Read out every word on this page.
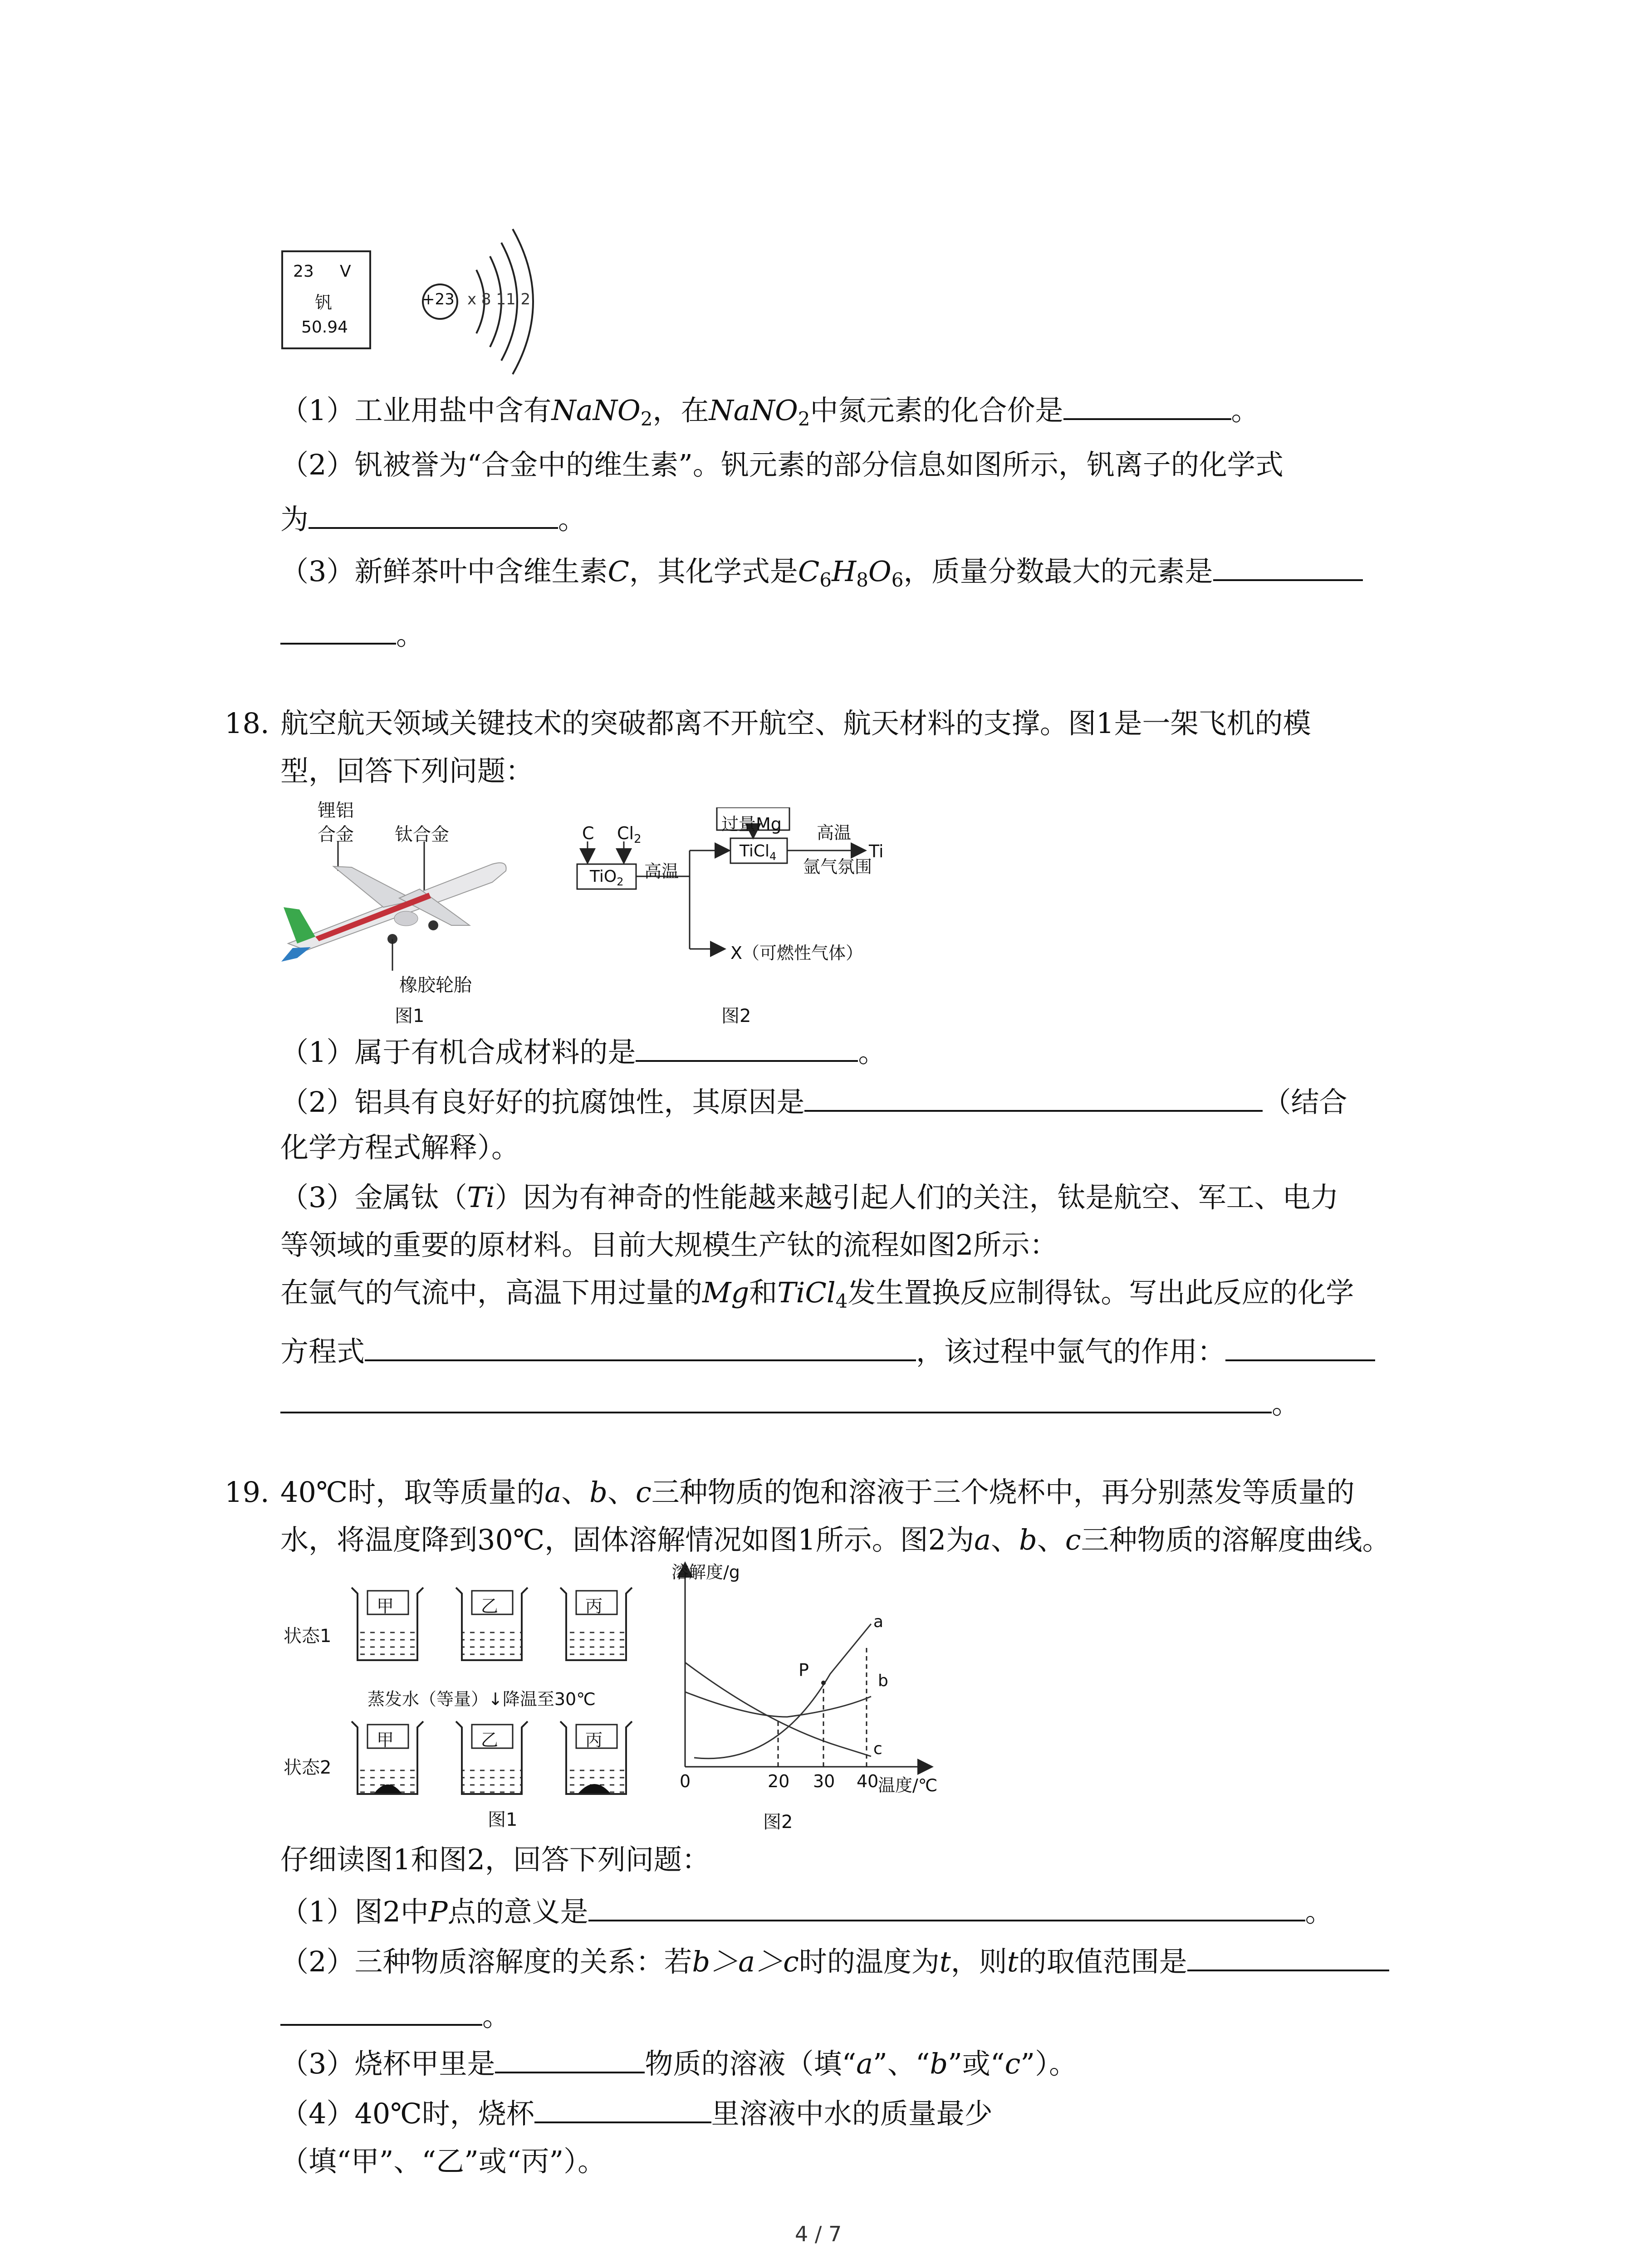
23 V
钒
50.94
+23 x 8 11 2
（1）工业用盐中含有NaNO$_2$，在NaNO$_2$中氮元素的化合价是	。
（2）钒被誉为“合金中的维生素”。钒元素的部分信息如图所示，钒离子的化学式
为	。
（3）新鲜茶叶中含维生素C，其化学式是$C_6H_8O_6$，质量分数最大的元素是
。
18. 航空航天领域关键技术的突破都离不开航空、航天材料的支撑。图1是一架飞机的模
型，回答下列问题：
锂铝
合金 钛合金
橡胶轮胎
图1
C $Cl_2$
TiO$_2$
高温
过量Mg
TiCl$_4$
高温
氩气氛围
Ti
X（可燃性气体）
图2
（1）属于有机合成材料的是	。
（2）铝具有良好好的抗腐蚀性，其原因是	（结合
化学方程式解释）。
（3）金属钛（Ti）因为有神奇的性能越来越引起人们的关注，钛是航空、军工、电力
等领域的重要的原材料。目前大规模生产钛的流程如图2所示：
在氩气的气流中，高温下用过量的Mg和TiCl$_4$发生置换反应制得钛。写出此反应的化学
方程式	，该过程中氩气的作用：
。
19. 40℃时，取等质量的a、b、c三种物质的饱和溶液于三个烧杯中，再分别蒸发等质量的
水，将温度降到30℃，固体溶解情况如图1所示。图2为a、b、c三种物质的溶解度曲线。
状态1
状态2
甲	乙	丙
蒸发水（等量）↓降温至30℃
甲	乙	丙
图1
溶解度/g
P
a
b
c
0	20 30 40
温度/℃
图2
仔细读图1和图2，回答下列问题：
（1）图2中P点的意义是	。
（2）三种物质溶解度的关系：若b＞a＞c时的温度为t，则t的取值范围是
。
（3）烧杯甲里是	物质的溶液（填“a”、“b”或“c”）。
（4）40℃时，烧杯	里溶液中水的质量最少
（填“甲”、“乙”或“丙”）。
4 / 7
